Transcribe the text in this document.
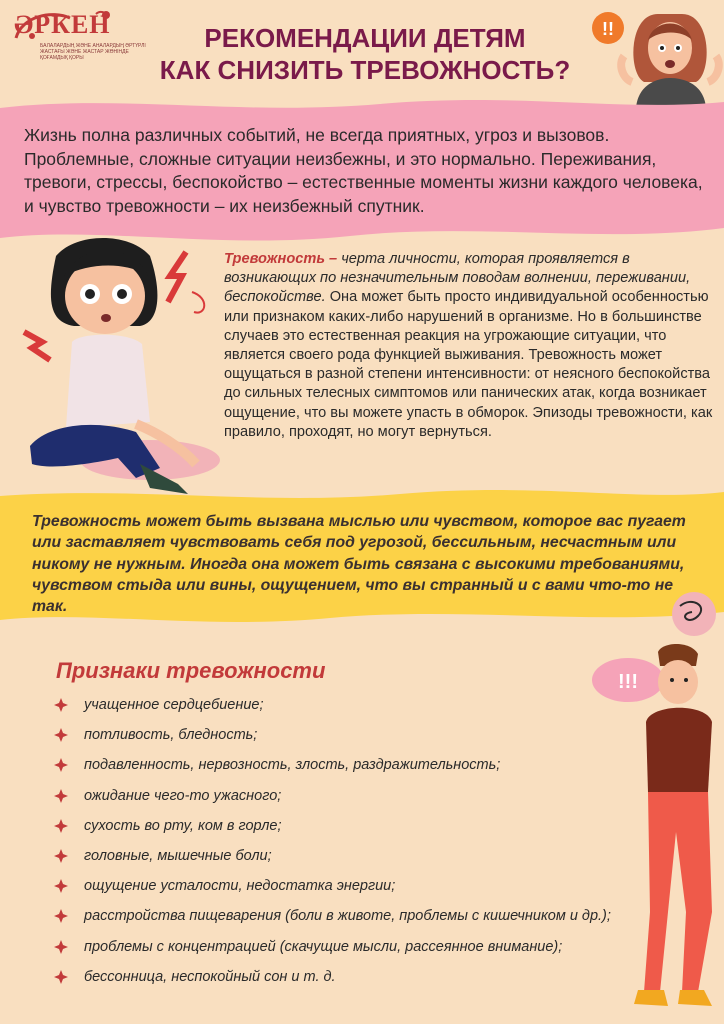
ӘРКЕН
БАЛАЛАРДЫҢ ЖӘНЕ АНАЛАРДЫҢ ӘРТҮРЛІ ЖАСТАҒЫ ЖӘНЕ ЖАСТАР ЖӨНІНДЕ ҚОҒАМДЫҚ ҚОРЫ
РЕКОМЕНДАЦИИ ДЕТЯМ
КАК СНИЗИТЬ ТРЕВОЖНОСТЬ?
!!
Жизнь полна различных событий, не всегда приятных, угроз и вызовов. Проблемные, сложные ситуации неизбежны, и это нормально. Переживания, тревоги, стрессы, беспокойство – естественные моменты жизни каждого человека, и чувство тревожности – их неизбежный спутник.
Тревожность – черта личности, которая проявляется в возникающих по незначительным поводам волнении, переживании, беспокойстве. Она может быть просто индивидуальной особенностью или признаком каких-либо нарушений в организме. Но в большинстве случаев это естественная реакция на угрожающие ситуации, что является своего рода функцией выживания. Тревожность может ощущаться в разной степени интенсивности: от неясного беспокойства до сильных телесных симптомов или панических атак, когда возникает ощущение, что вы можете упасть в обморок. Эпизоды тревожности, как правило, проходят, но могут вернуться.
Тревожность может быть вызвана мыслью или чувством, которое вас пугает или заставляет чувствовать себя под угрозой, бессильным, несчастным или никому не нужным. Иногда она может быть связана с высокими требованиями, чувством стыда или вины, ощущением, что вы странный и с вами что-то не так.
!!!
Признаки тревожности
учащенное сердцебиение;
потливость, бледность;
подавленность, нервозность, злость, раздражительность;
ожидание чего-то ужасного;
сухость во рту, ком в горле;
головные, мышечные боли;
ощущение усталости, недостатка энергии;
расстройства пищеварения (боли в животе, проблемы с кишечником и др.);
проблемы с концентрацией (скачущие мысли, рассеянное внимание);
бессонница, неспокойный сон и т. д.
